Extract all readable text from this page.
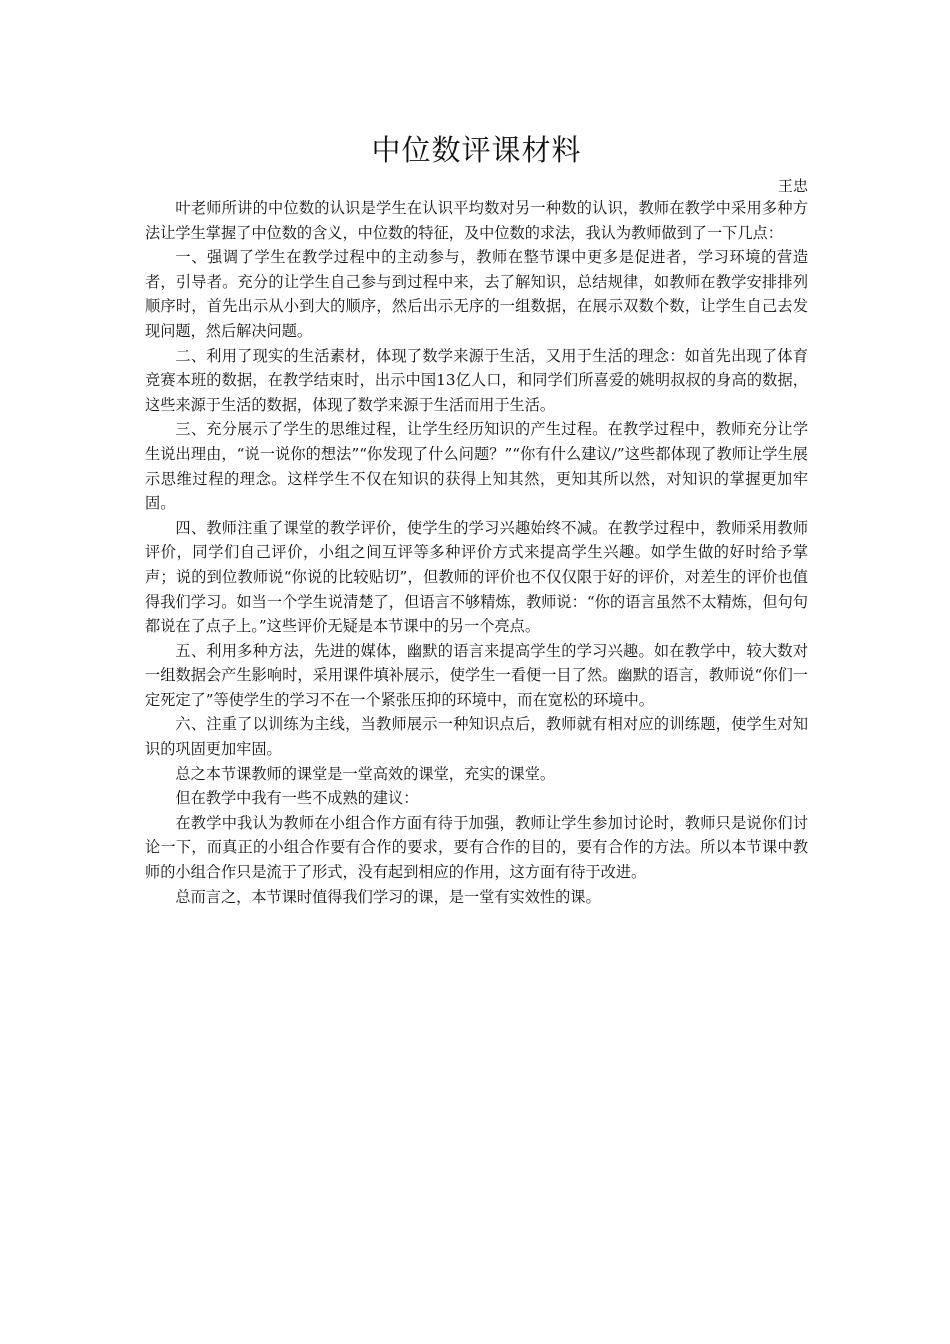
中位数评课材料

王忠

叶老师所讲的中位数的认识是学生在认识平均数对另一种数的认识，教师在教学中采用多种方法让学生掌握了中位数的含义，中位数的特征，及中位数的求法，我认为教师做到了一下几点：

一、强调了学生在教学过程中的主动参与，教师在整节课中更多是促进者，学习环境的营造者，引导者。充分的让学生自己参与到过程中来，去了解知识，总结规律，如教师在教学安排排列顺序时，首先出示从小到大的顺序，然后出示无序的一组数据，在展示双数个数，让学生自己去发现问题，然后解决问题。

二、利用了现实的生活素材，体现了数学来源于生活，又用于生活的理念：如首先出现了体育竞赛本班的数据，在教学结束时，出示中国13亿人口，和同学们所喜爱的姚明叔叔的身高的数据，这些来源于生活的数据，体现了数学来源于生活而用于生活。

三、充分展示了学生的思维过程，让学生经历知识的产生过程。在教学过程中，教师充分让学生说出理由，“说一说你的想法”“你发现了什么问题？”“你有什么建议/”这些都体现了教师让学生展示思维过程的理念。这样学生不仅在知识的获得上知其然，更知其所以然，对知识的掌握更加牢固。

四、教师注重了课堂的教学评价，使学生的学习兴趣始终不减。在教学过程中，教师采用教师评价，同学们自己评价，小组之间互评等多种评价方式来提高学生兴趣。如学生做的好时给予掌声；说的到位教师说“你说的比较贴切”，但教师的评价也不仅仅限于好的评价，对差生的评价也值得我们学习。如当一个学生说清楚了，但语言不够精炼，教师说：“你的语言虽然不太精炼，但句句都说在了点子上。”这些评价无疑是本节课中的另一个亮点。

五、利用多种方法，先进的媒体，幽默的语言来提高学生的学习兴趣。如在教学中，较大数对一组数据会产生影响时，采用课件填补展示，使学生一看便一目了然。幽默的语言，教师说“你们一定死定了”等使学生的学习不在一个紧张压抑的环境中，而在宽松的环境中。

六、注重了以训练为主线，当教师展示一种知识点后，教师就有相对应的训练题，使学生对知识的巩固更加牢固。

总之本节课教师的课堂是一堂高效的课堂，充实的课堂。

但在教学中我有一些不成熟的建议：

在教学中我认为教师在小组合作方面有待于加强，教师让学生参加讨论时，教师只是说你们讨论一下，而真正的小组合作要有合作的要求，要有合作的目的，要有合作的方法。所以本节课中教师的小组合作只是流于了形式，没有起到相应的作用，这方面有待于改进。

总而言之，本节课时值得我们学习的课，是一堂有实效性的课。
